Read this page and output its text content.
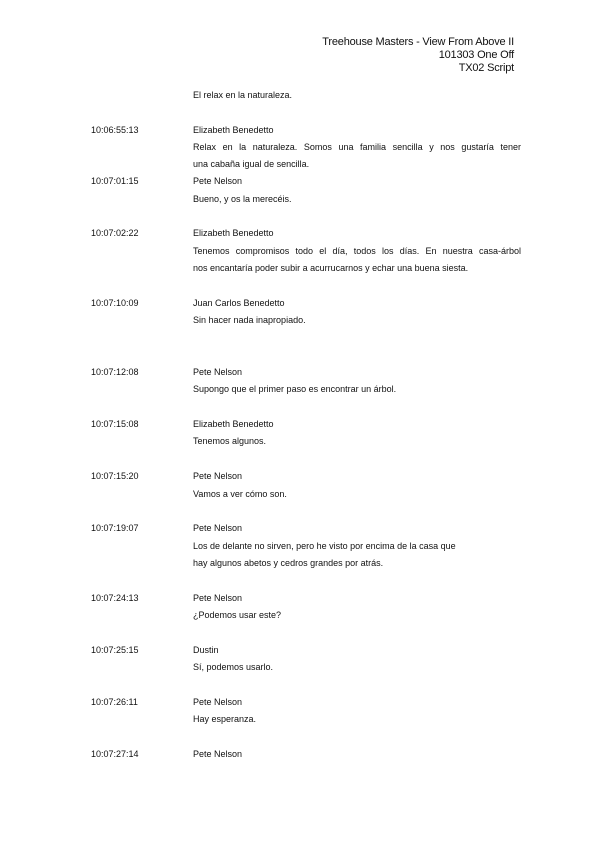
Treehouse Masters - View From Above II
101303 One Off
TX02 Script
El relax en la naturaleza.
10:06:55:13	Elizabeth Benedetto
Relax en la naturaleza. Somos una familia sencilla y nos gustaría tener
una cabaña igual de sencilla.
10:07:01:15	Pete Nelson
Bueno, y os la merecéis.
10:07:02:22	Elizabeth Benedetto
Tenemos compromisos todo el día, todos los días. En nuestra casa-árbol
nos encantaría poder subir a acurrucarnos y echar una buena siesta.
10:07:10:09	Juan Carlos Benedetto
Sin hacer nada inapropiado.
10:07:12:08	Pete Nelson
Supongo que el primer paso es encontrar un árbol.
10:07:15:08	Elizabeth Benedetto
Tenemos algunos.
10:07:15:20	Pete Nelson
Vamos a ver cómo son.
10:07:19:07	Pete Nelson
Los de delante no sirven, pero he visto por encima de la casa que
hay algunos abetos y cedros grandes por atrás.
10:07:24:13	Pete Nelson
¿Podemos usar este?
10:07:25:15	Dustin
Sí, podemos usarlo.
10:07:26:11	Pete Nelson
Hay esperanza.
10:07:27:14	Pete Nelson
